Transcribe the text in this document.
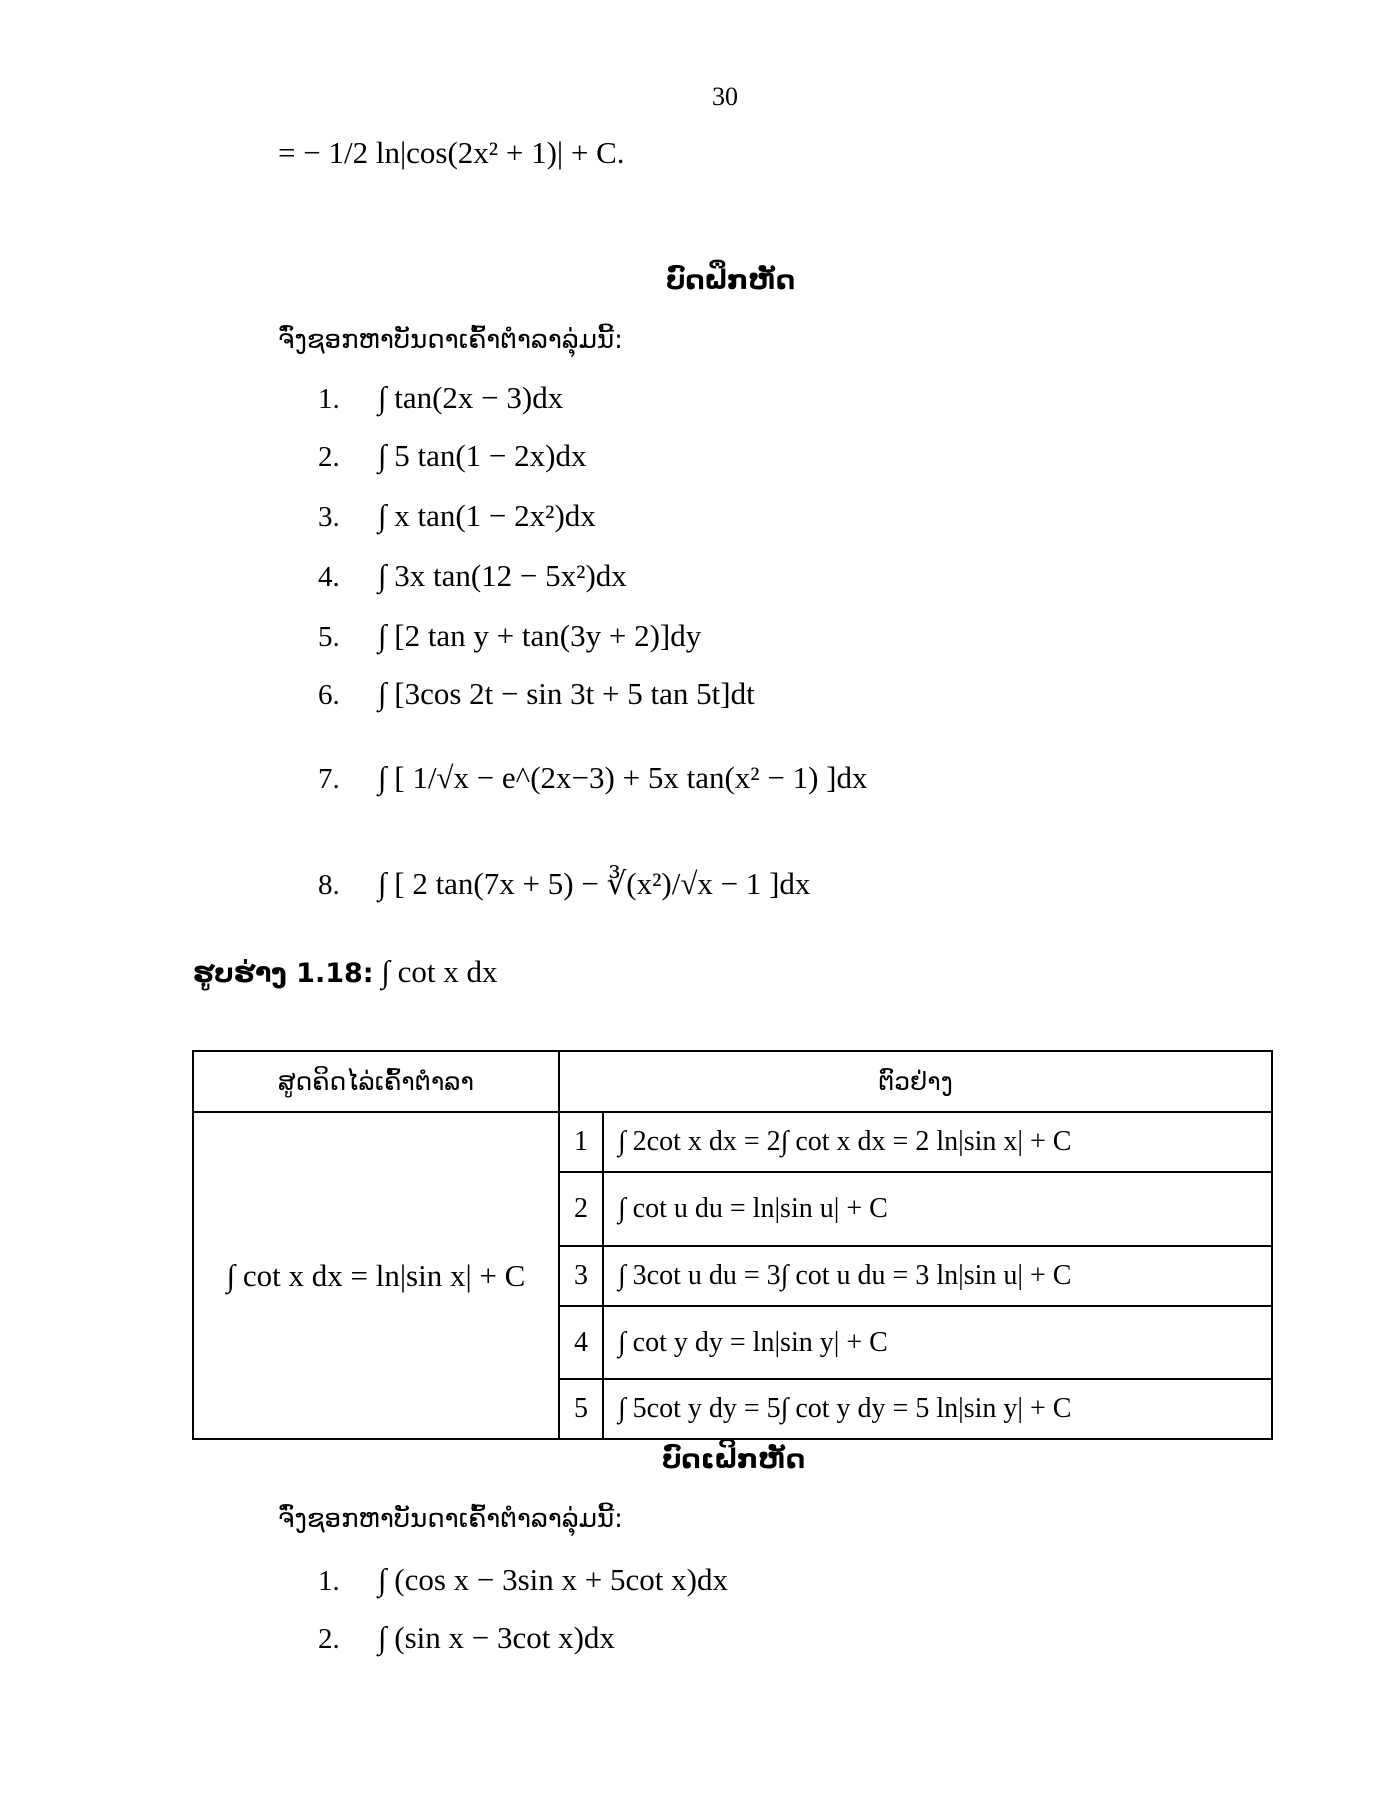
30
= − 1/2 ln|cos(2x² + 1)| + C.
ບົດຝຶກຫັດ
ຈົ່ງຊອກຫາບັນດາເຄົ້າຕຳລາລຸ່ມນີ້:
1. ∫ tan(2x − 3)dx
2. ∫ 5 tan(1 − 2x)dx
3. ∫ x tan(1 − 2x²)dx
4. ∫ 3x tan(12 − 5x²)dx
5. ∫ [2 tan y + tan(3y + 2)]dy
6. ∫ [3cos 2t − sin 3t + 5 tan 5t]dt
7. ∫ [ 1/√x − e^(2x−3) + 5x tan(x² − 1) ]dx
8. ∫ [ 2 tan(7x + 5) − ∛(x²)/√x − 1 ]dx
ຮູບຮ່າງ 1.18: ∫ cot x dx
ສູດຄິດໄລ່ເຄົ້າຕຳລາ	ຕົວຢ່າງ	
∫ cot x dx = ln|sin x| + C	1	∫ 2cot x dx = 2∫ cot x dx = 2 ln|sin x| + C
	2	∫ cot u du = ln|sin u| + C
	3	∫ 3cot u du = 3∫ cot u du = 3 ln|sin u| + C
	4	∫ cot y dy = ln|sin y| + C
	5	∫ 5cot y dy = 5∫ cot y dy = 5 ln|sin y| + C
ບົດເຝິກຫັດ
ຈົ່ງຊອກຫາບັນດາເຄົ້າຕຳລາລຸ່ມນີ້:
1. ∫ (cos x − 3sin x + 5cot x)dx
2. ∫ (sin x − 3cot x)dx
